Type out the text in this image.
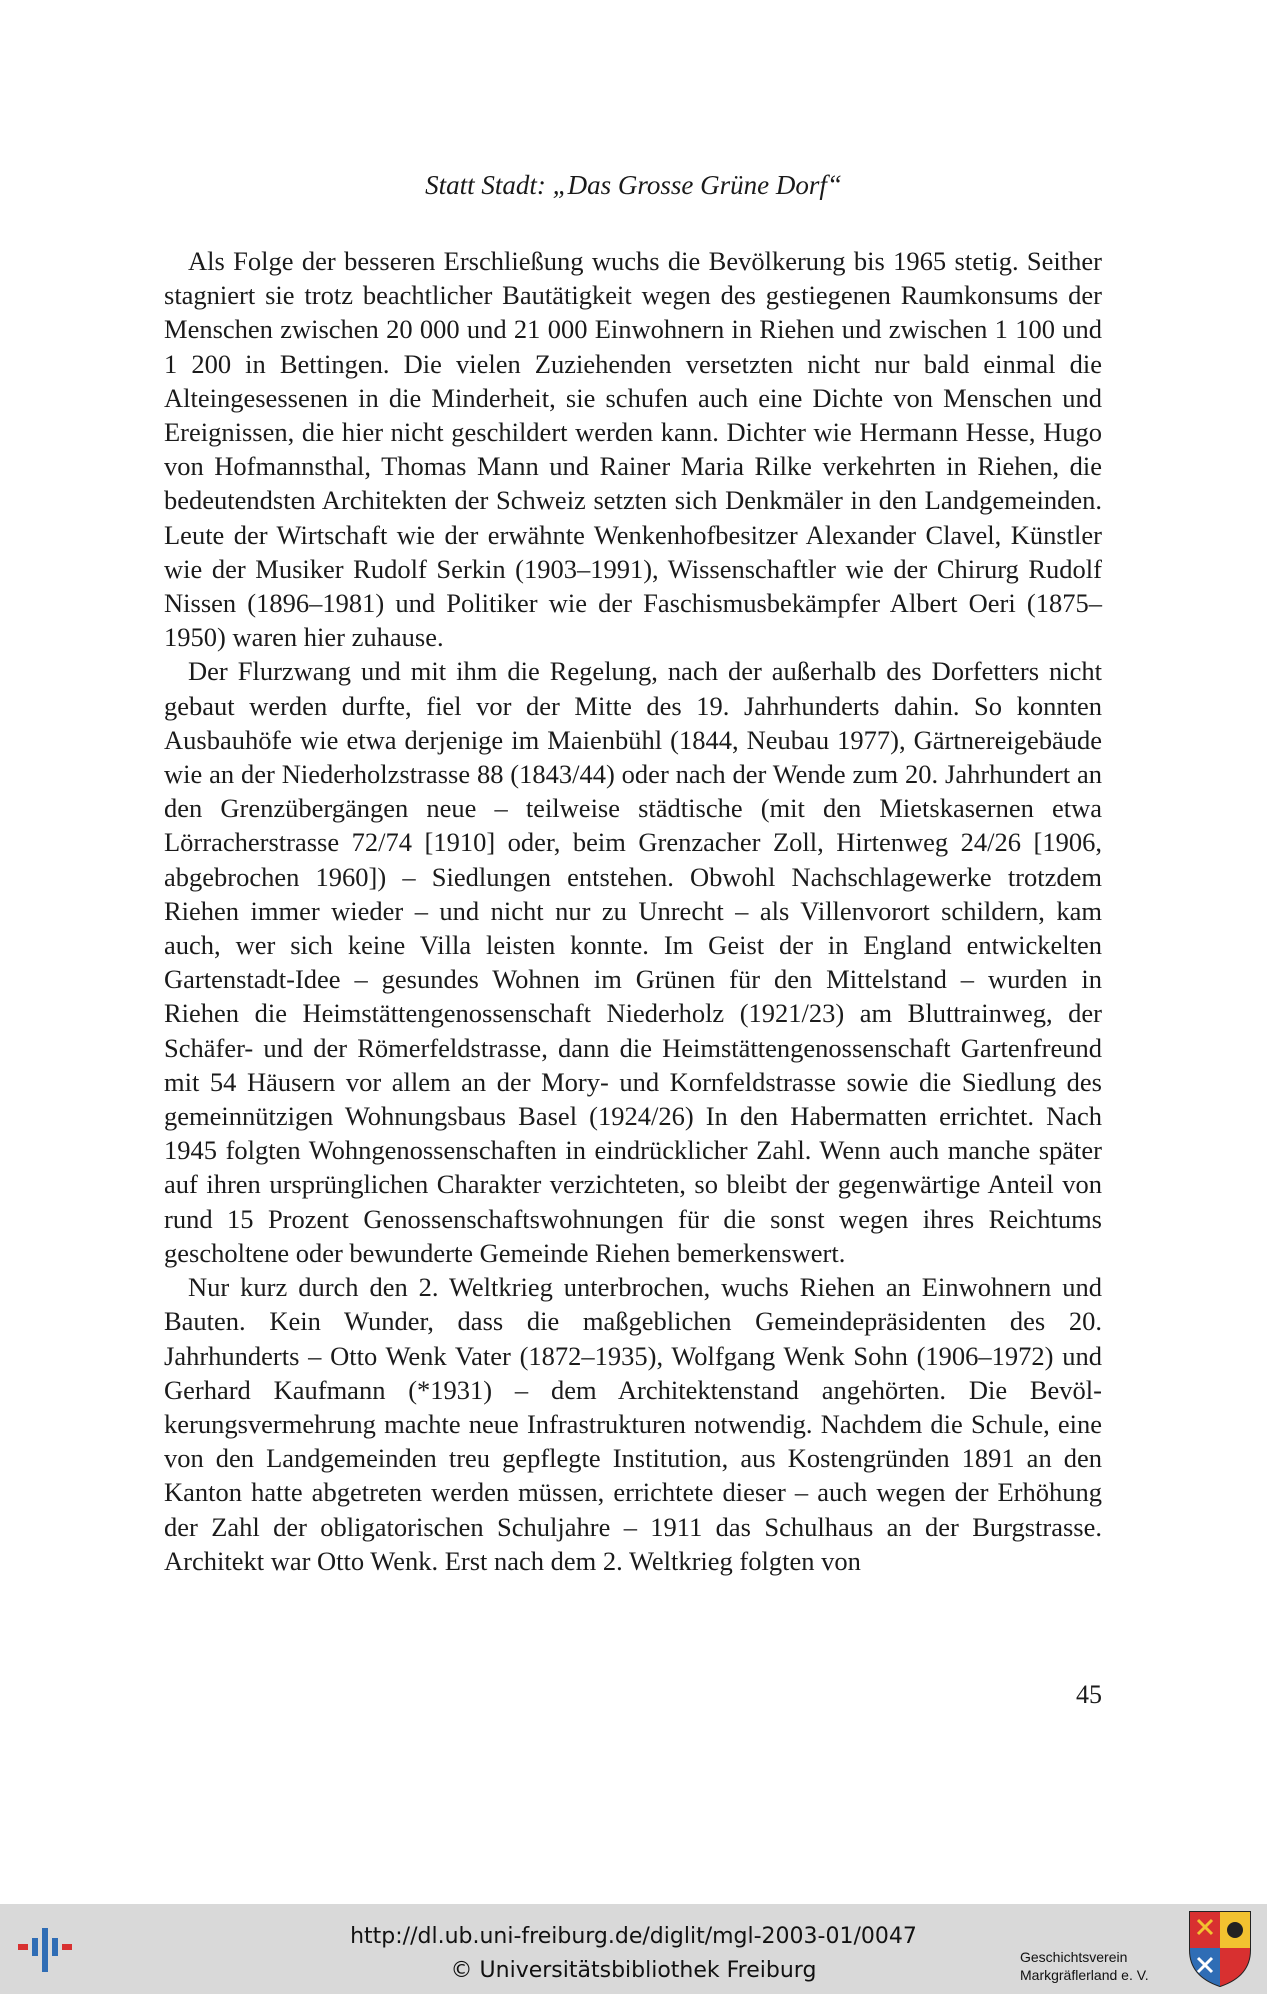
Statt Stadt: „Das Grosse Grüne Dorf“

Als Folge der besseren Erschließung wuchs die Bevölkerung bis 1965 stetig. Seither stagniert sie trotz beachtlicher Bautätigkeit wegen des gestiegenen Raumkonsums der Menschen zwischen 20 000 und 21 000 Einwohnern in Riehen und zwischen 1 100 und 1 200 in Bettingen. Die vielen Zuziehenden versetzten nicht nur bald einmal die Alteingesessenen in die Minderheit, sie schufen auch eine Dichte von Menschen und Ereignissen, die hier nicht geschildert werden kann. Dichter wie Hermann Hesse, Hugo von Hofmannsthal, Thomas Mann und Rainer Maria Rilke verkehrten in Riehen, die bedeutendsten Architekten der Schweiz setzten sich Denkmäler in den Landgemeinden. Leute der Wirtschaft wie der erwähnte Wenkenhofbesitzer Alexander Clavel, Künstler wie der Musiker Rudolf Serkin (1903–1991), Wissenschaftler wie der Chirurg Rudolf Nissen (1896–1981) und Politiker wie der Faschismusbekämpfer Albert Oeri (1875–1950) waren hier zuhause.

Der Flurzwang und mit ihm die Regelung, nach der außerhalb des Dorfetters nicht gebaut werden durfte, fiel vor der Mitte des 19. Jahrhunderts dahin. So konnten Ausbauhöfe wie etwa derjenige im Maienbühl (1844, Neubau 1977), Gärtnereigebäude wie an der Niederholzstrasse 88 (1843/44) oder nach der Wende zum 20. Jahrhundert an den Grenzübergängen neue – teilweise städtische (mit den Mietskasernen etwa Lörracherstrasse 72/74 [1910] oder, beim Grenzacher Zoll, Hirtenweg 24/26 [1906, abgebrochen 1960]) – Siedlungen entstehen. Obwohl Nachschlagewerke trotzdem Riehen immer wieder – und nicht nur zu Unrecht – als Villenvorort schildern, kam auch, wer sich keine Villa leisten konnte. Im Geist der in England entwickelten Gartenstadt-Idee – gesundes Wohnen im Grünen für den Mittelstand – wurden in Riehen die Heimstättengenossenschaft Niederholz (1921/23) am Bluttrainweg, der Schäfer- und der Römerfeldstrasse, dann die Heimstättengenossenschaft Gartenfreund mit 54 Häusern vor allem an der Mory- und Kornfeldstrasse sowie die Siedlung des gemeinnützigen Wohnungsbaus Basel (1924/26) In den Habermatten errichtet. Nach 1945 folgten Wohngenossenschaften in eindrücklicher Zahl. Wenn auch manche später auf ihren ursprünglichen Charakter verzichteten, so bleibt der gegenwärtige Anteil von rund 15 Prozent Genossenschaftswohnungen für die sonst wegen ihres Reichtums gescholtene oder bewunderte Gemeinde Riehen bemerkenswert.

Nur kurz durch den 2. Weltkrieg unterbrochen, wuchs Riehen an Einwohnern und Bauten. Kein Wunder, dass die maßgeblichen Gemeindepräsidenten des 20. Jahrhunderts – Otto Wenk Vater (1872–1935), Wolfgang Wenk Sohn (1906–1972) und Gerhard Kaufmann (*1931) – dem Architektenstand angehörten. Die Bevölkerungsvermehrung machte neue Infrastrukturen notwendig. Nachdem die Schule, eine von den Landgemeinden treu gepflegte Institution, aus Kostengründen 1891 an den Kanton hatte abgetreten werden müssen, errichtete dieser – auch wegen der Erhöhung der Zahl der obligatorischen Schuljahre – 1911 das Schulhaus an der Burgstrasse. Architekt war Otto Wenk. Erst nach dem 2. Weltkrieg folgten von

45
http://dl.ub.uni-freiburg.de/diglit/mgl-2003-01/0047
© Universitätsbibliothek Freiburg
Geschichtsverein
Markgräflerland e. V.
